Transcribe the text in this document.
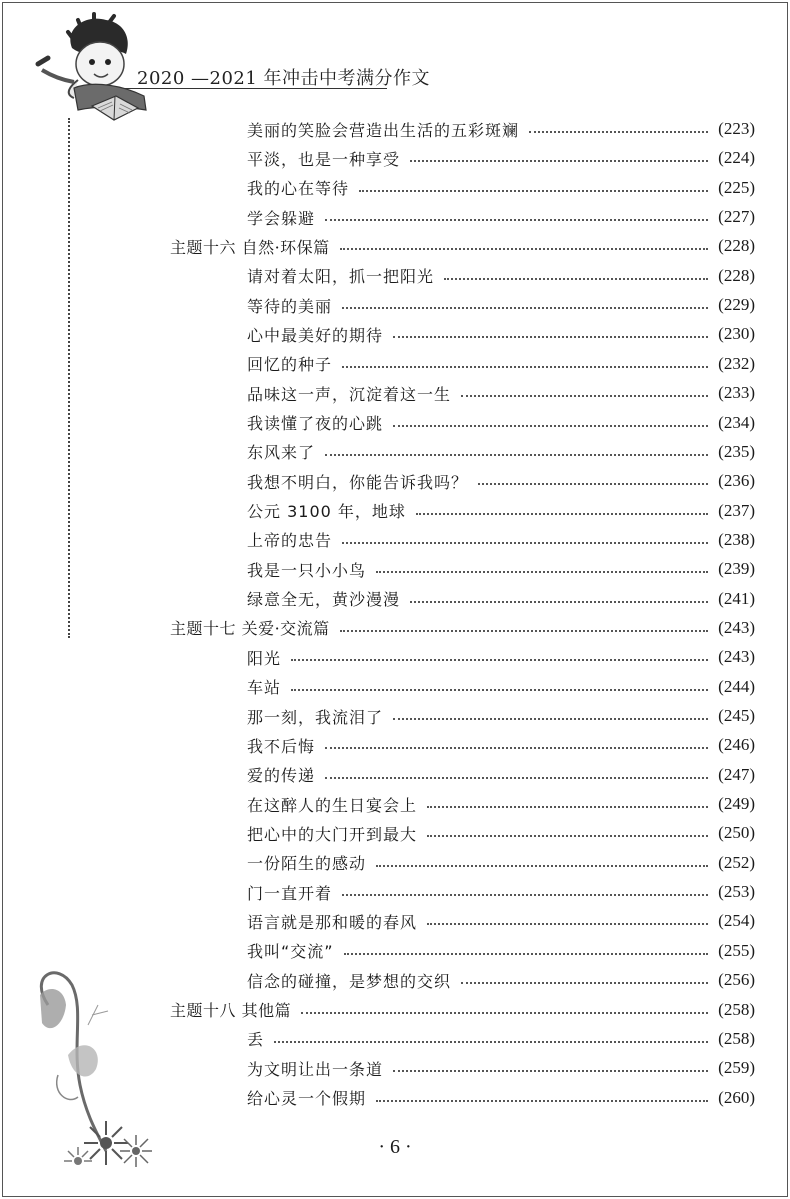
2020 —2021 年冲击中考满分作文
美丽的笑脸会营造出生活的五彩斑斓	(223)
平淡，也是一种享受	(224)
我的心在等待	(225)
学会躲避	(227)
主题十六 自然·环保篇	(228)
请对着太阳，抓一把阳光	(228)
等待的美丽	(229)
心中最美好的期待	(230)
回忆的种子	(232)
品味这一声，沉淀着这一生	(233)
我读懂了夜的心跳	(234)
东风来了	(235)
我想不明白，你能告诉我吗？	(236)
公元 3100 年，地球	(237)
上帝的忠告	(238)
我是一只小小鸟	(239)
绿意全无，黄沙漫漫	(241)
主题十七 关爱·交流篇	(243)
阳光	(243)
车站	(244)
那一刻，我流泪了	(245)
我不后悔	(246)
爱的传递	(247)
在这醉人的生日宴会上	(249)
把心中的大门开到最大	(250)
一份陌生的感动	(252)
门一直开着	(253)
语言就是那和暖的春风	(254)
我叫“交流”	(255)
信念的碰撞，是梦想的交织	(256)
主题十八 其他篇	(258)
丢	(258)
为文明让出一条道	(259)
给心灵一个假期	(260)
· 6 ·
